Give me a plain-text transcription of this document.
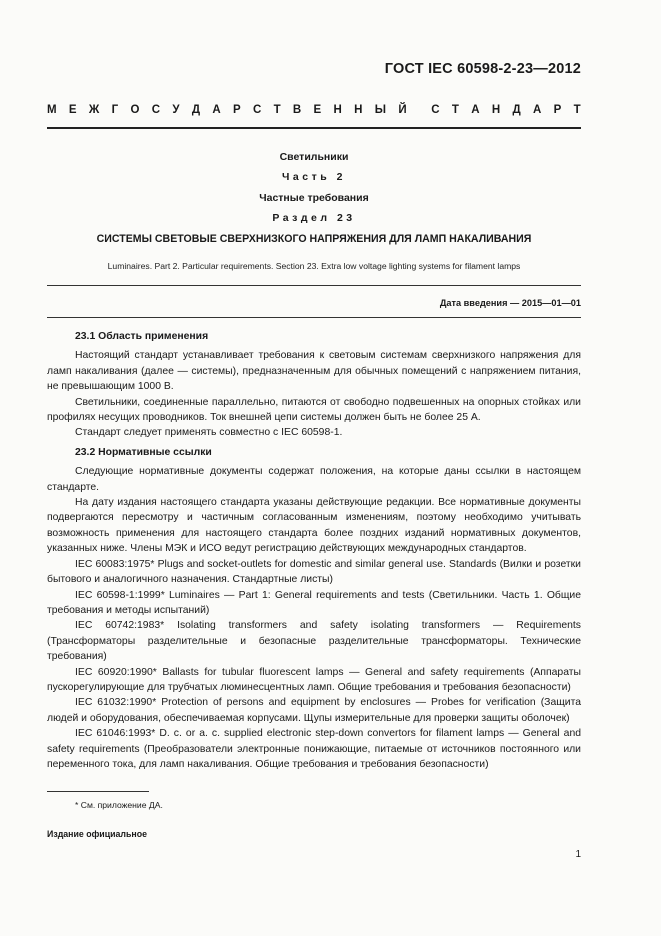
ГОСТ IEC 60598-2-23—2012
М Е Ж Г О С У Д А Р С Т В Е Н Н Ы Й С Т А Н Д А Р Т
Светильники
Часть 2
Частные требования
Раздел 23
СИСТЕМЫ СВЕТОВЫЕ СВЕРХНИЗКОГО НАПРЯЖЕНИЯ ДЛЯ ЛАМП НАКАЛИВАНИЯ
Luminaires. Part 2. Particular requirements. Section 23. Extra low voltage lighting systems for filament lamps
Дата введения — 2015—01—01
23.1 Область применения

Настоящий стандарт устанавливает требования к световым системам сверхнизкого напряжения для ламп накаливания (далее — системы), предназначенным для обычных помещений с напряжением питания, не превышающим 1000 В.

Светильники, соединенные параллельно, питаются от свободно подвешенных на опорных стойках или профилях несущих проводников. Ток внешней цепи системы должен быть не более 25 А.

Стандарт следует применять совместно с IEC 60598-1.

23.2 Нормативные ссылки

Следующие нормативные документы содержат положения, на которые даны ссылки в настоящем стандарте.

На дату издания настоящего стандарта указаны действующие редакции. Все нормативные документы подвергаются пересмотру и частичным согласованным изменениям, поэтому необходимо учитывать возможность применения для настоящего стандарта более поздних изданий нормативных документов, указанных ниже. Члены МЭК и ИСО ведут регистрацию действующих международных стандартов.

IEC 60083:1975* Plugs and socket-outlets for domestic and similar general use. Standards (Вилки и розетки бытового и аналогичного назначения. Стандартные листы)

IEC 60598-1:1999* Luminaires — Part 1: General requirements and tests (Светильники. Часть 1. Общие требования и методы испытаний)

IEC 60742:1983* Isolating transformers and safety isolating transformers — Requirements (Трансформаторы разделительные и безопасные разделительные трансформаторы. Технические требования)

IEC 60920:1990* Ballasts for tubular fluorescent lamps — General and safety requirements (Аппараты пускорегулирующие для трубчатых люминесцентных ламп. Общие требования и требования безопасности)

IEC 61032:1990* Protection of persons and equipment by enclosures — Probes for verification (Защита людей и оборудования, обеспечиваемая корпусами. Щупы измерительные для проверки защиты оболочек)

IEC 61046:1993* D. c. or a. c. supplied electronic step-down convertors for filament lamps — General and safety requirements (Преобразователи электронные понижающие, питаемые от источников постоянного или переменного тока, для ламп накаливания. Общие требования и требования безопасности)

* См. приложение ДА.
Издание официальное
1
